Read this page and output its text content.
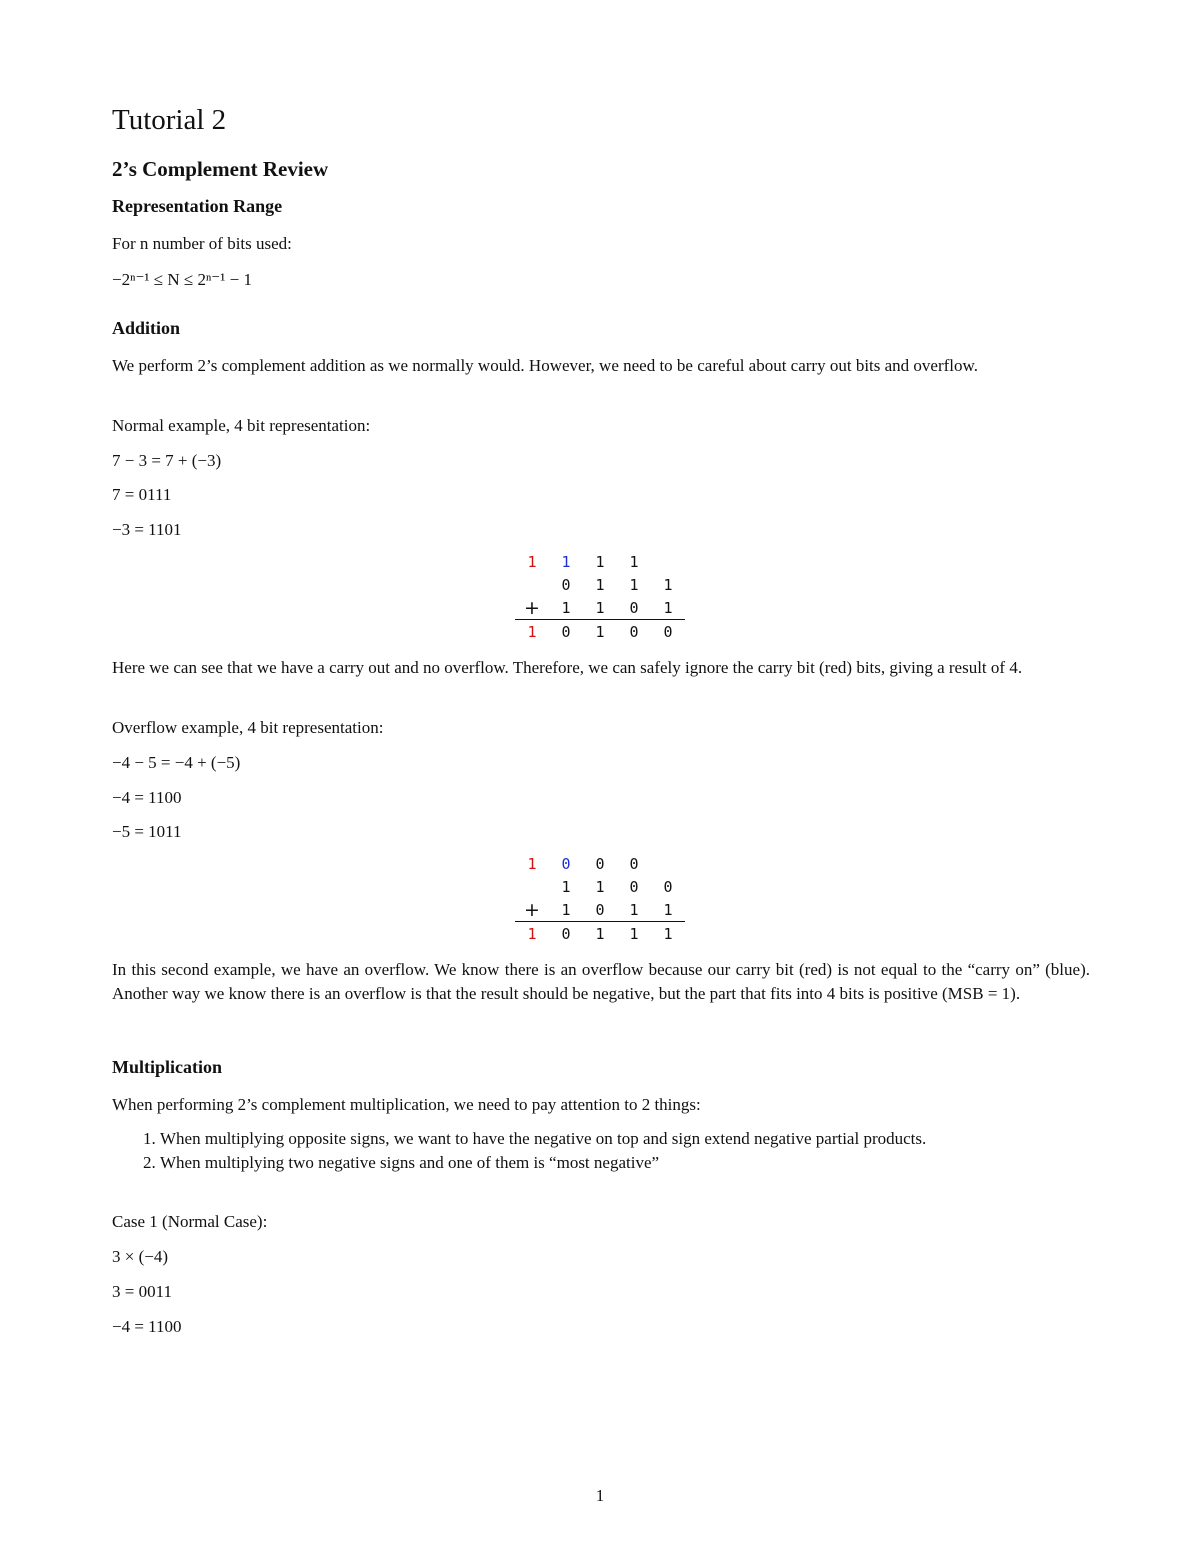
Tutorial 2
2’s Complement Review
Representation Range
For n number of bits used:
−2ⁿ⁻¹ ≤ N ≤ 2ⁿ⁻¹ − 1
Addition
We perform 2’s complement addition as we normally would. However, we need to be careful about carry out bits and overflow.
Normal example, 4 bit representation:
7 − 3 = 7 + (−3)
7 = 0111
−3 = 1101
1	1	1	1	
	0	1	1	1
+	1	1	0	1
1	0	1	0	0
Here we can see that we have a carry out and no overflow. Therefore, we can safely ignore the carry bit (red) bits, giving a result of 4.
Overflow example, 4 bit representation:
−4 − 5 = −4 + (−5)
−4 = 1100
−5 = 1011
1	0	0	0	
	1	1	0	0
+	1	0	1	1
1	0	1	1	1
In this second example, we have an overflow. We know there is an overflow because our carry bit (red) is not equal to the “carry on” (blue). Another way we know there is an overflow is that the result should be negative, but the part that fits into 4 bits is positive (MSB = 1).
Multiplication
When performing 2’s complement multiplication, we need to pay attention to 2 things:
1. When multiplying opposite signs, we want to have the negative on top and sign extend negative partial products.
2. When multiplying two negative signs and one of them is “most negative”
Case 1 (Normal Case):
3 × (−4)
3 = 0011
−4 = 1100
1
